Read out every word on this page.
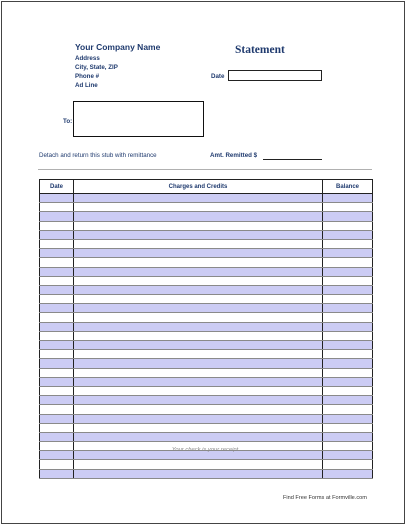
Your Company Name
Address
City, State, ZIP
Phone #
Ad Line
Statement
Date
To:
Detach and return this stub with remittance	Amt. Remitted $
Date	Charges and Credits	Balance

Your check is your receipt
Find Free Forms at Formville.com
